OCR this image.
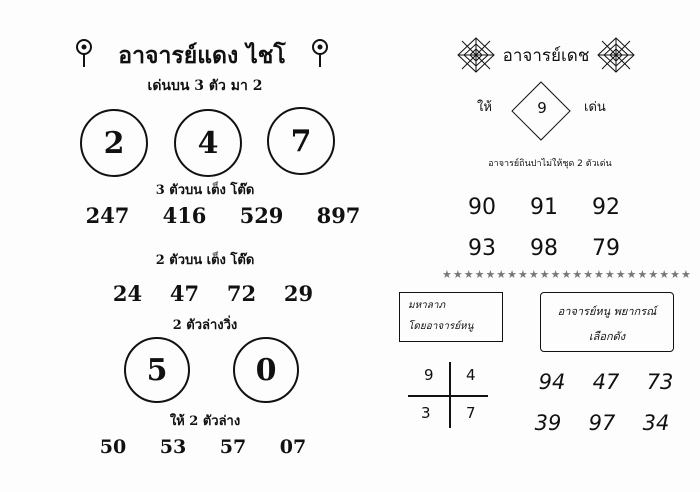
อาจารย์แดง ไชโ
เด่นบน 3 ตัว มา 2
2 4 7
3 ตัวบน เต็ง โต๊ด
247	416	529	897
2 ตัวบน เต็ง โต๊ด
24	47	72	29
2 ตัวล่างวิ่ง
5	0
ให้ 2 ตัวล่าง
50	53	57	07
อาจารย์เดช
ให้	9	เด่น
อาจารย์ถินปาไม่ให้ชุด 2 ตัวเด่น
90	91	92
93	98	79
★★★★★★★★★★★★★★★★★★★★★★★
มหาลาภ
โดยอาจารย์หนู
อาจารย์หนู พยากรณ์
เลือกดัง
9 4
3 7
94	47	73
39	97	34
